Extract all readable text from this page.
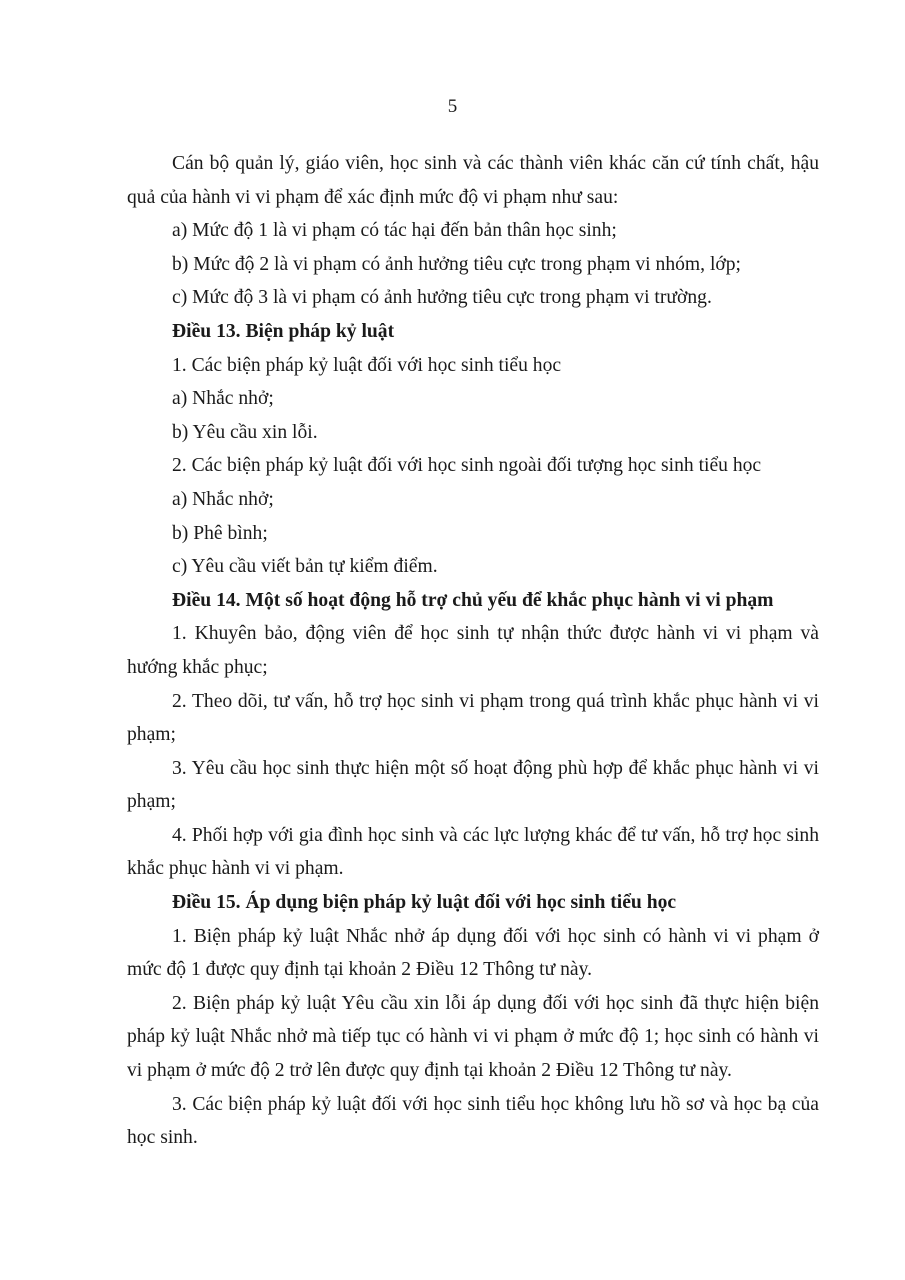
5

Cán bộ quản lý, giáo viên, học sinh và các thành viên khác căn cứ tính chất, hậu quả của hành vi vi phạm để xác định mức độ vi phạm như sau:

a) Mức độ 1 là vi phạm có tác hại đến bản thân học sinh;

b) Mức độ 2 là vi phạm có ảnh hưởng tiêu cực trong phạm vi nhóm, lớp;

c) Mức độ 3 là vi phạm có ảnh hưởng tiêu cực trong phạm vi trường.

Điều 13. Biện pháp kỷ luật

1. Các biện pháp kỷ luật đối với học sinh tiểu học

a) Nhắc nhở;

b) Yêu cầu xin lỗi.

2. Các biện pháp kỷ luật đối với học sinh ngoài đối tượng học sinh tiểu học

a) Nhắc nhở;

b) Phê bình;

c) Yêu cầu viết bản tự kiểm điểm.

Điều 14. Một số hoạt động hỗ trợ chủ yếu để khắc phục hành vi vi phạm

1. Khuyên bảo, động viên để học sinh tự nhận thức được hành vi vi phạm và hướng khắc phục;

2. Theo dõi, tư vấn, hỗ trợ học sinh vi phạm trong quá trình khắc phục hành vi vi phạm;

3. Yêu cầu học sinh thực hiện một số hoạt động phù hợp để khắc phục hành vi vi phạm;

4. Phối hợp với gia đình học sinh và các lực lượng khác để tư vấn, hỗ trợ học sinh khắc phục hành vi vi phạm.

Điều 15. Áp dụng biện pháp kỷ luật đối với học sinh tiểu học

1. Biện pháp kỷ luật Nhắc nhở áp dụng đối với học sinh có hành vi vi phạm ở mức độ 1 được quy định tại khoản 2 Điều 12 Thông tư này.

2. Biện pháp kỷ luật Yêu cầu xin lỗi áp dụng đối với học sinh đã thực hiện biện pháp kỷ luật Nhắc nhở mà tiếp tục có hành vi vi phạm ở mức độ 1; học sinh có hành vi vi phạm ở mức độ 2 trở lên được quy định tại khoản 2 Điều 12 Thông tư này.

3. Các biện pháp kỷ luật đối với học sinh tiểu học không lưu hồ sơ và học bạ của học sinh.
